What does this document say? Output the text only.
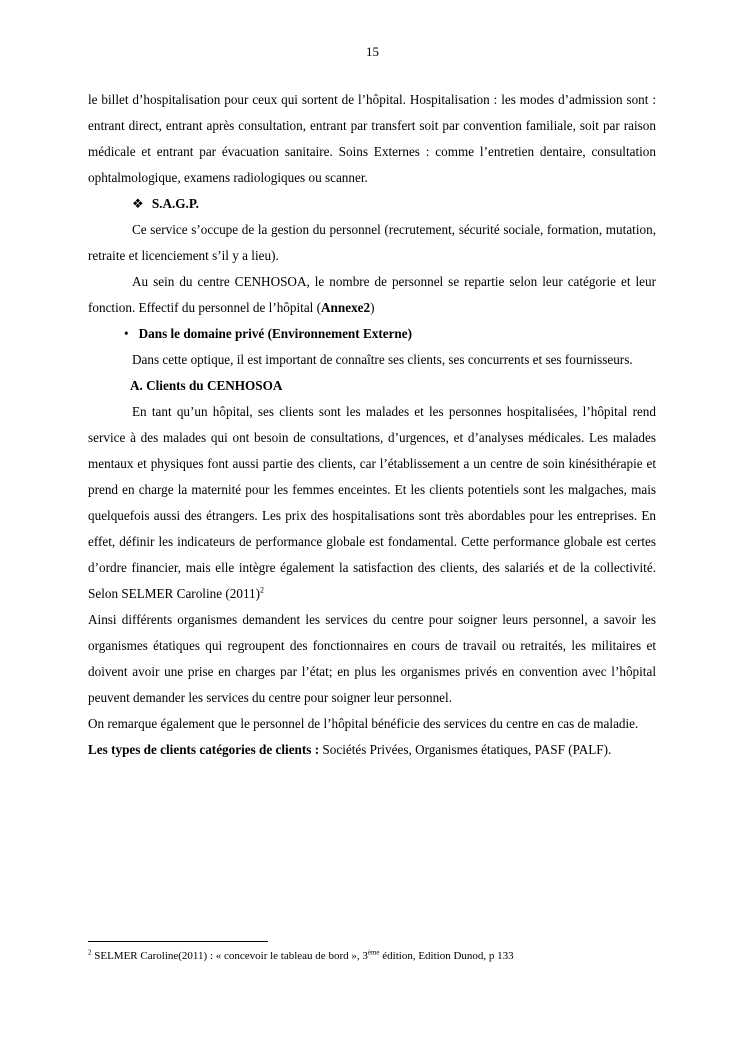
15

le billet d’hospitalisation pour ceux qui sortent de l’hôpital. Hospitalisation : les modes d’admission sont : entrant direct, entrant après consultation, entrant par transfert soit par convention familiale, soit par raison médicale et entrant par évacuation sanitaire. Soins Externes : comme l’entretien dentaire, consultation ophtalmologique, examens radiologiques ou scanner.

❖ S.A.G.P.

Ce service s’occupe de la gestion du personnel (recrutement, sécurité sociale, formation, mutation, retraite et licenciement s’il y a lieu).

Au sein du centre CENHOSOA, le nombre de personnel se repartie selon leur catégorie et leur fonction. Effectif du personnel de l’hôpital (Annexe2)

• Dans le domaine privé (Environnement Externe)

Dans cette optique, il est important de connaître ses clients, ses concurrents et ses fournisseurs.

A. Clients du CENHOSOA

En tant qu’un hôpital, ses clients sont les malades et les personnes hospitalisées, l’hôpital rend service à des malades qui ont besoin de consultations, d’urgences, et d’analyses médicales. Les malades mentaux et physiques font aussi partie des clients, car l’établissement a un centre de soin kinésithérapie et prend en charge la maternité pour les femmes enceintes. Et les clients potentiels sont les malgaches, mais quelquefois aussi des étrangers. Les prix des hospitalisations sont très abordables pour les entreprises. En effet, définir les indicateurs de performance globale est fondamental. Cette performance globale est certes d’ordre financier, mais elle intègre également la satisfaction des clients, des salariés et de la collectivité. Selon SELMER Caroline $(2011)^2$

Ainsi différents organismes demandent les services du centre pour soigner leurs personnel, a savoir les organismes étatiques qui regroupent des fonctionnaires en cours de travail ou retraités, les militaires et doivent avoir une prise en charges par l’état; en plus les organismes privés en convention avec l’hôpital peuvent demander les services du centre pour soigner leur personnel.

On remarque également que le personnel de l’hôpital bénéficie des services du centre en cas de maladie.

Les types de clients catégories de clients : Sociétés Privées, Organismes étatiques, PASF (PALF).

$^2$ SELMER Caroline(2011) : « concevoir le tableau de bord », 3ème édition, Edition Dunod, p 133
